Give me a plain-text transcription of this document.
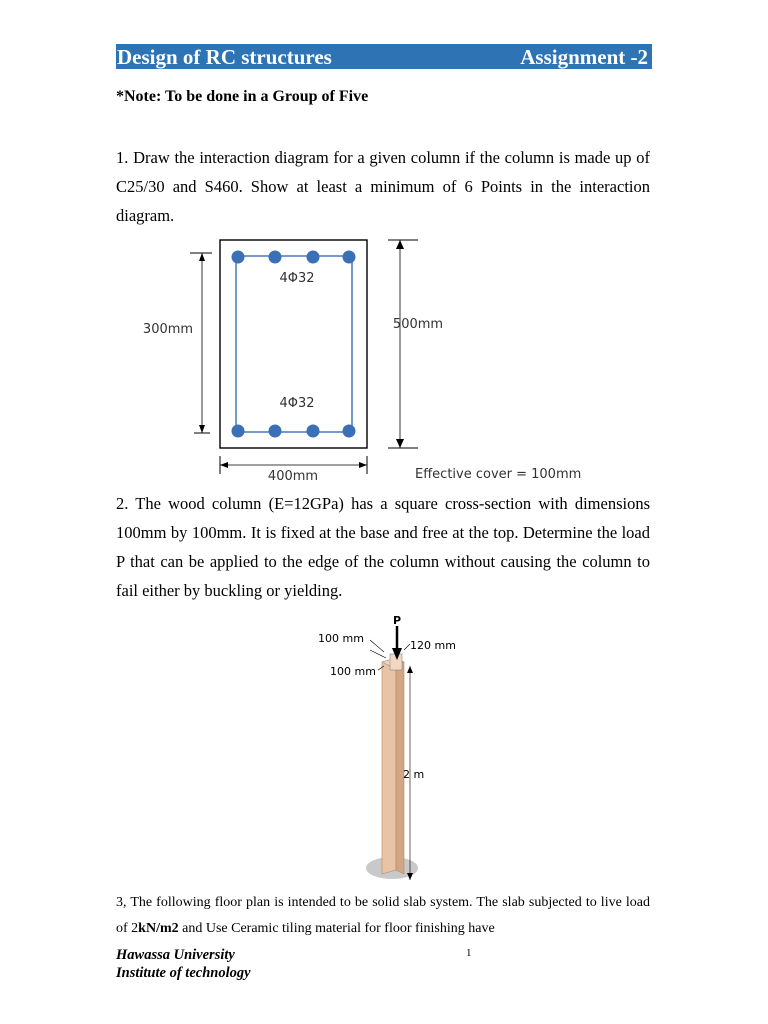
Design of RC structures	Assignment -2
*Note: To be done in a Group of Five
1. Draw the interaction diagram for a given column if the column is made up of C25/30 and S460. Show at least a minimum of 6 Points in the interaction diagram.
4Φ32
4Φ32
300mm	500mm
400mm	Effective cover = 100mm
2. The wood column (E=12GPa) has a square cross-section with dimensions 100mm by 100mm. It is fixed at the base and free at the top. Determine the load P that can be applied to the edge of the column without causing the column to fail either by buckling or yielding.
P
100 mm
100 mm
120 mm
2 m
3, The following floor plan is intended to be solid slab system. The slab subjected to live load of 2kN/m2 and Use Ceramic tiling material for floor finishing have
Hawassa University
Institute of technology
1
